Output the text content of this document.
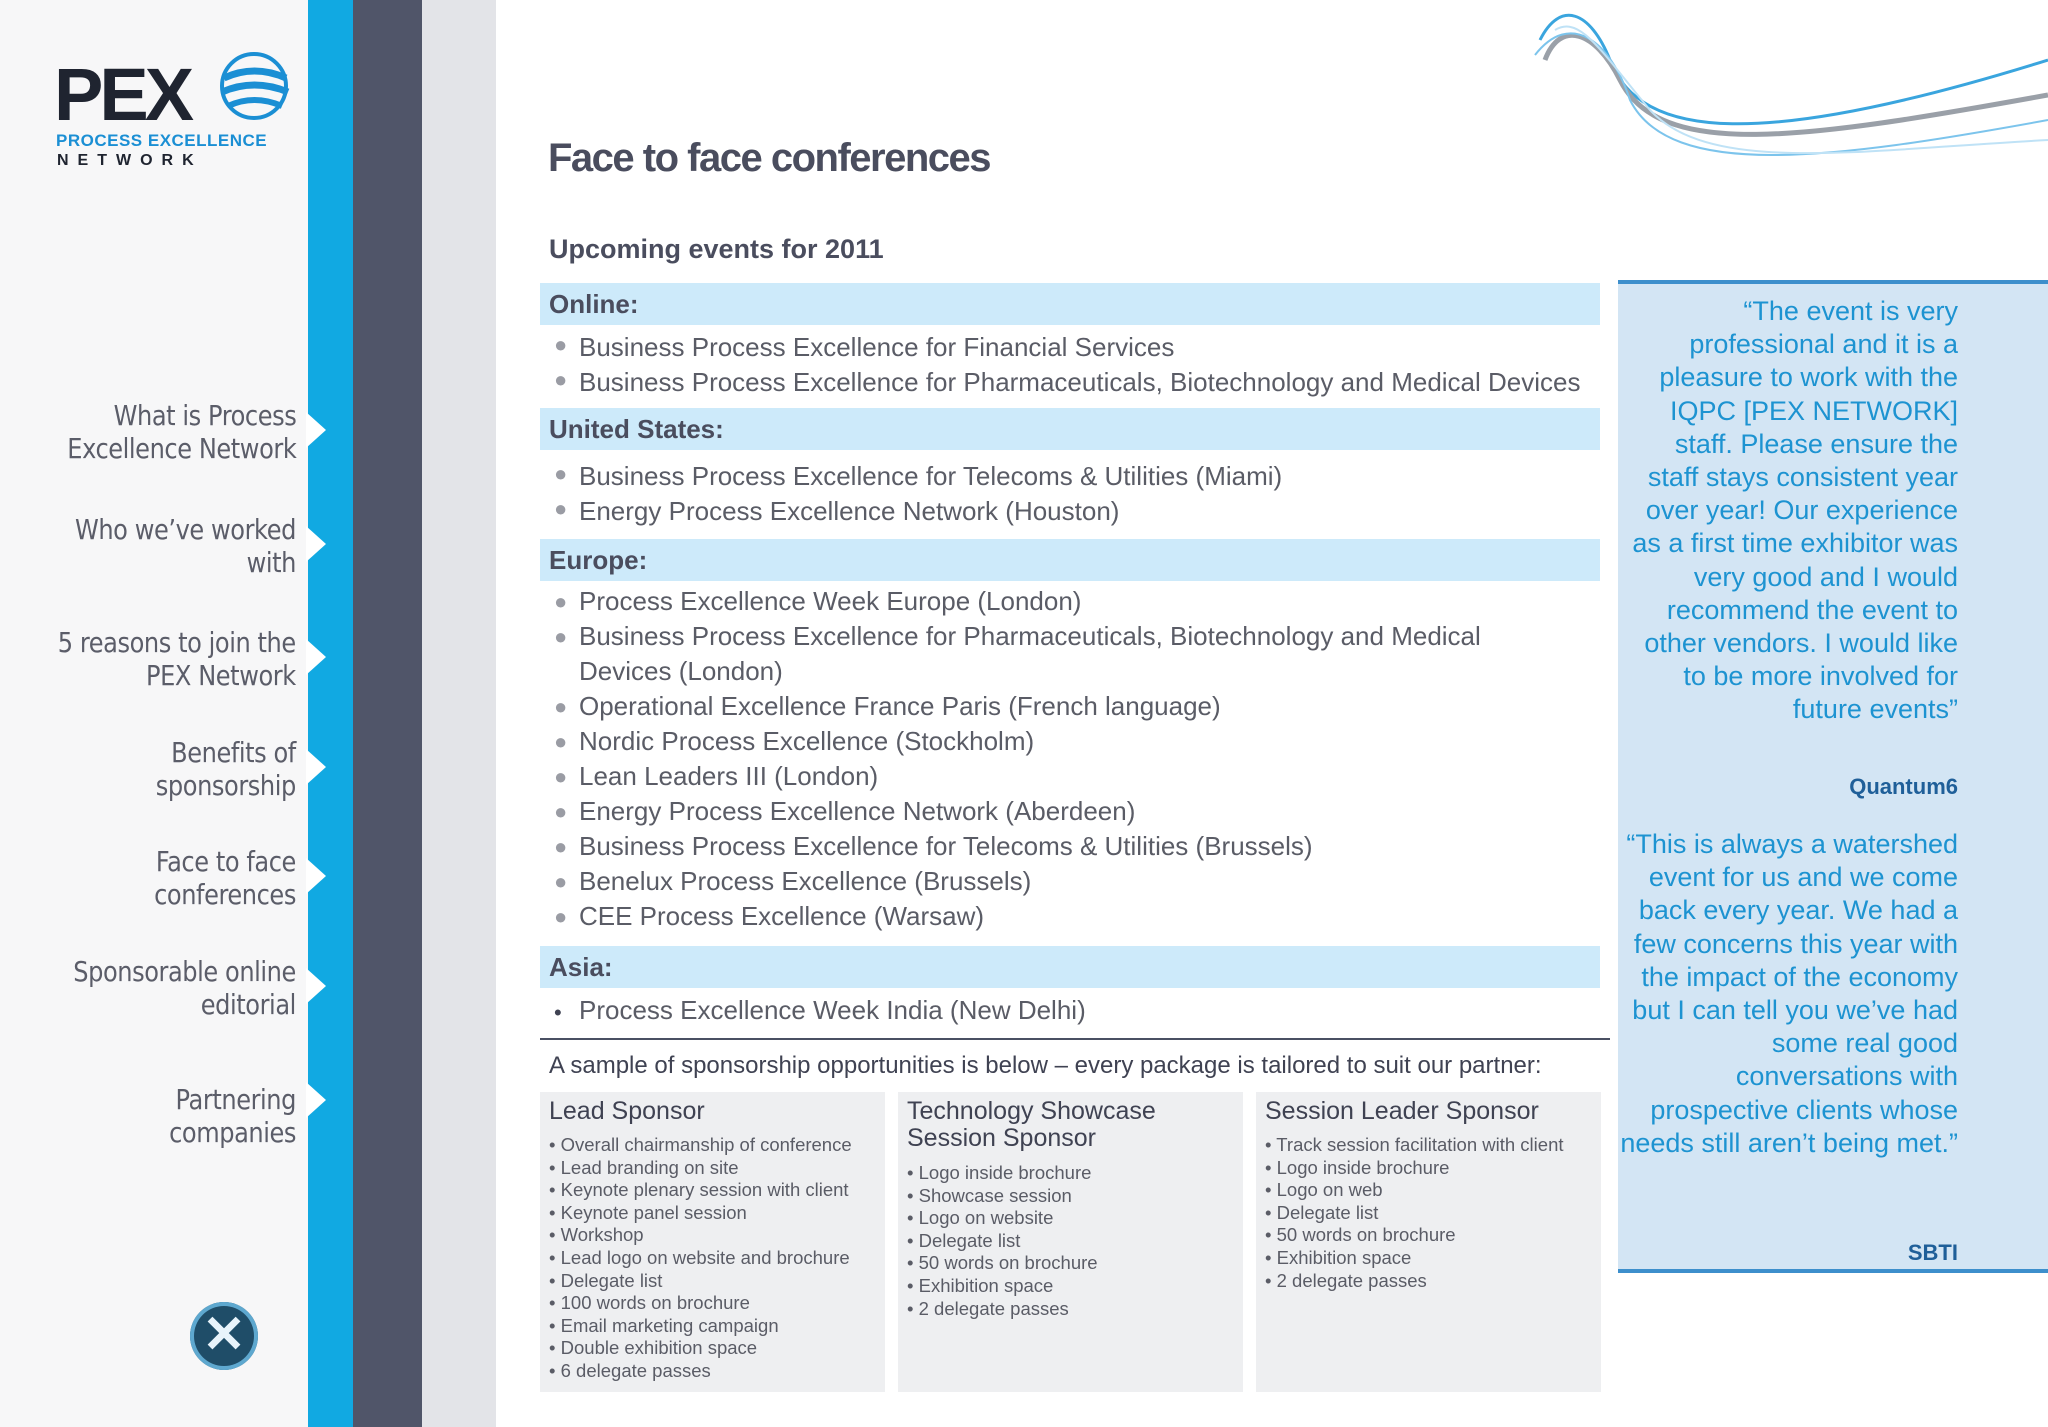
PEX
PROCESS EXCELLENCE
NETWORK
What is Process
Excellence Network
Who we’ve worked
with
5 reasons to join the
PEX Network
Benefits of
sponsorship
Face to face
conferences
Sponsorable online
editorial
Partnering companies
✕
Face to face conferences
Upcoming events for 2011
Online:
● Business Process Excellence for Financial Services
● Business Process Excellence for Pharmaceuticals, Biotechnology and Medical Devices
United States:
● Business Process Excellence for Telecoms & Utilities (Miami)
● Energy Process Excellence Network (Houston)
Europe:
● Process Excellence Week Europe (London)
● Business Process Excellence for Pharmaceuticals, Biotechnology and Medical Devices (London)
● Operational Excellence France Paris (French language)
● Nordic Process Excellence (Stockholm)
● Lean Leaders III (London)
● Energy Process Excellence Network (Aberdeen)
● Business Process Excellence for Telecoms & Utilities (Brussels)
● Benelux Process Excellence (Brussels)
● CEE Process Excellence (Warsaw)
Asia:
• Process Excellence Week India (New Delhi)
A sample of sponsorship opportunities is below – every package is tailored to suit our partner:
Lead Sponsor
• Overall chairmanship of conference
• Lead branding on site
• Keynote plenary session with client
• Keynote panel session
• Workshop
• Lead logo on website and brochure
• Delegate list
• 100 words on brochure
• Email marketing campaign
• Double exhibition space
• 6 delegate passes
Technology Showcase Session Sponsor
• Logo inside brochure
• Showcase session
• Logo on website
• Delegate list
• 50 words on brochure
• Exhibition space
• 2 delegate passes
Session Leader Sponsor
• Track session facilitation with client
• Logo inside brochure
• Logo on web
• Delegate list
• 50 words on brochure
• Exhibition space
• 2 delegate passes
“The event is very professional and it is a pleasure to work with the IQPC [PEX NETWORK] staff. Please ensure the staff stays consistent year over year! Our experience as a first time exhibitor was very good and I would recommend the event to other vendors. I would like to be more involved for future events”
Quantum6
“This is always a watershed event for us and we come back every year. We had a few concerns this year with the impact of the economy but I can tell you we’ve had some real good conversations with prospective clients whose needs still aren’t being met.”
SBTI
